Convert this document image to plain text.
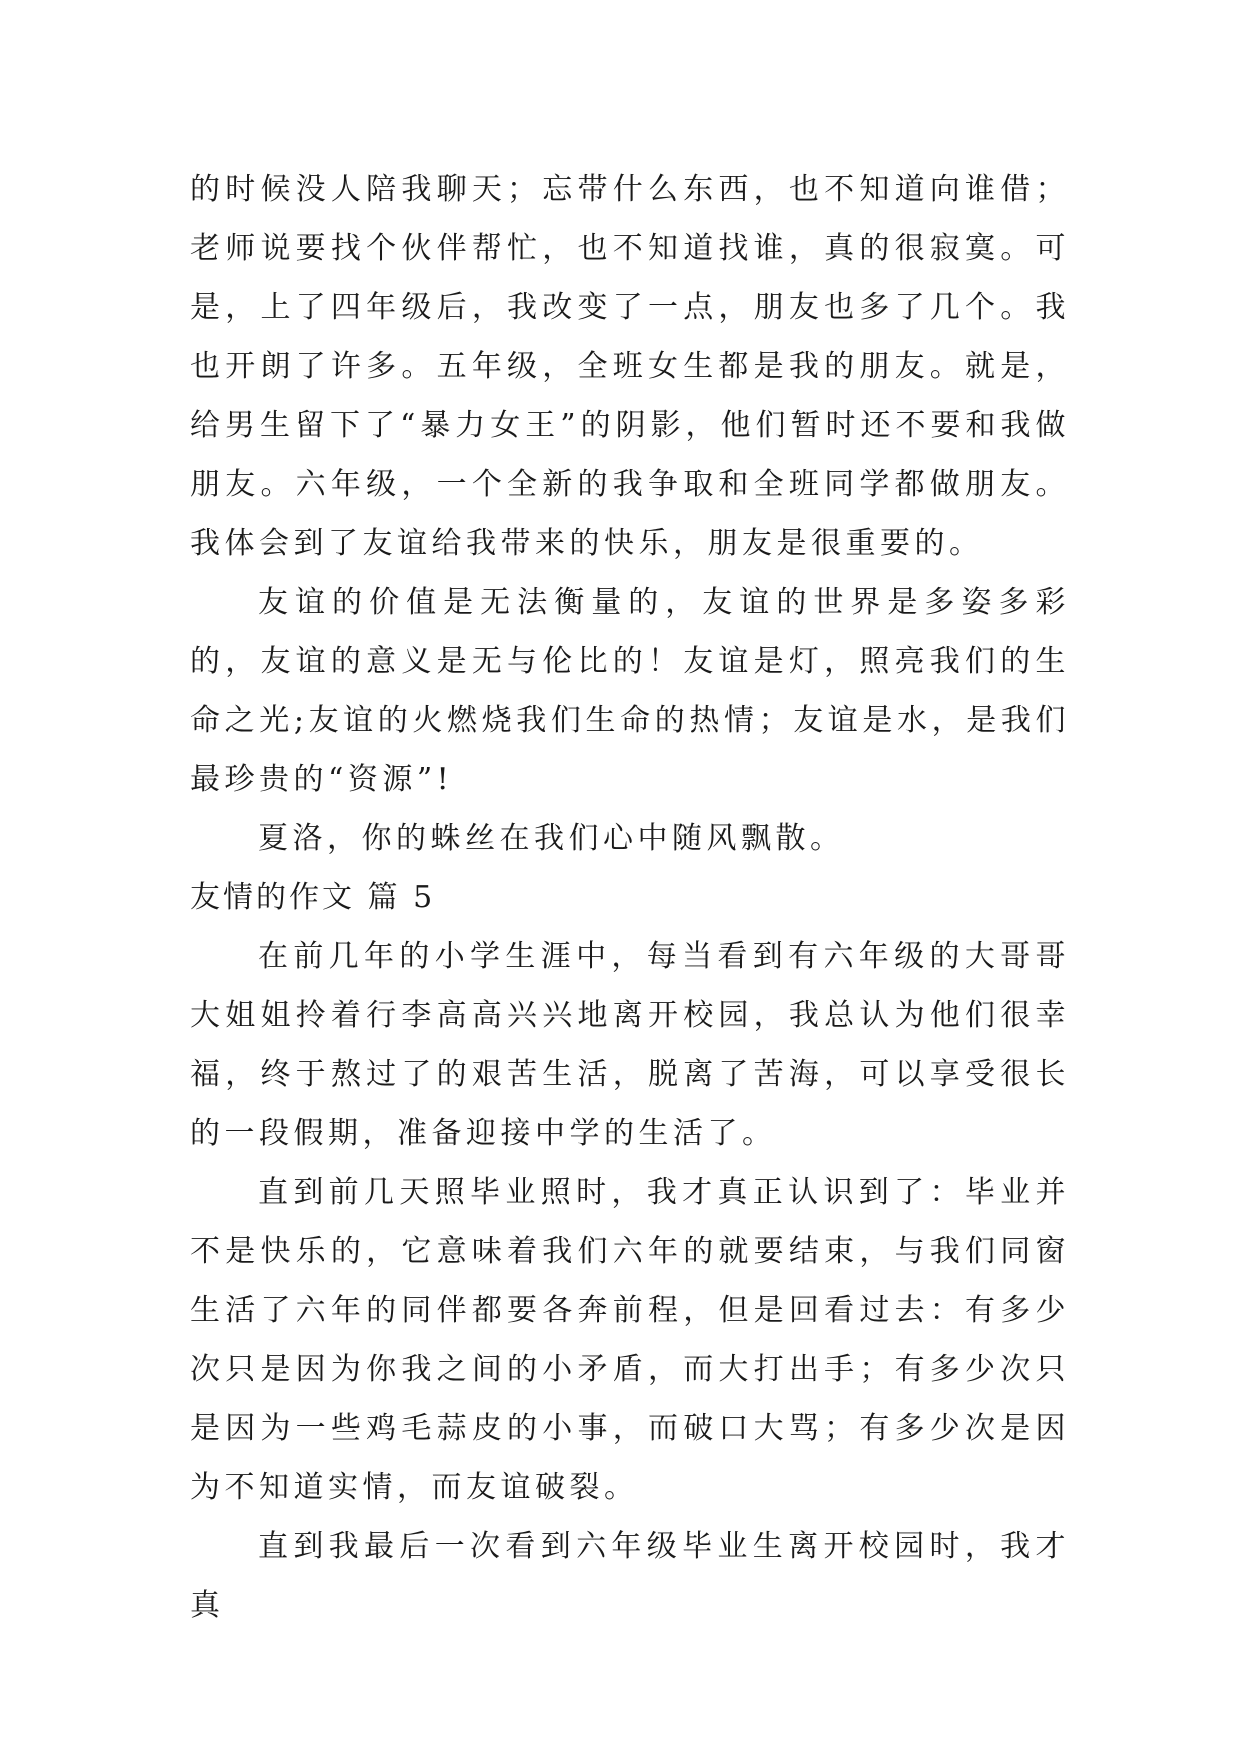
的时候没人陪我聊天；忘带什么东西，也不知道向谁借；老师说要找个伙伴帮忙，也不知道找谁，真的很寂寞。可是，上了四年级后，我改变了一点，朋友也多了几个。我也开朗了许多。五年级，全班女生都是我的朋友。就是，给男生留下了“暴力女王”的阴影，他们暂时还不要和我做朋友。六年级，一个全新的我争取和全班同学都做朋友。我体会到了友谊给我带来的快乐，朋友是很重要的。

友谊的价值是无法衡量的，友谊的世界是多姿多彩的，友谊的意义是无与伦比的！友谊是灯，照亮我们的生命之光;友谊的火燃烧我们生命的热情；友谊是水，是我们最珍贵的“资源”!

夏洛，你的蛛丝在我们心中随风飘散。

友情的作文 篇 5

在前几年的小学生涯中，每当看到有六年级的大哥哥大姐姐拎着行李高高兴兴地离开校园，我总认为他们很幸福，终于熬过了的艰苦生活，脱离了苦海，可以享受很长的一段假期，准备迎接中学的生活了。

直到前几天照毕业照时，我才真正认识到了：毕业并不是快乐的，它意味着我们六年的就要结束，与我们同窗生活了六年的同伴都要各奔前程，但是回看过去：有多少次只是因为你我之间的小矛盾，而大打出手；有多少次只是因为一些鸡毛蒜皮的小事，而破口大骂；有多少次是因为不知道实情，而友谊破裂。

直到我最后一次看到六年级毕业生离开校园时，我才真
